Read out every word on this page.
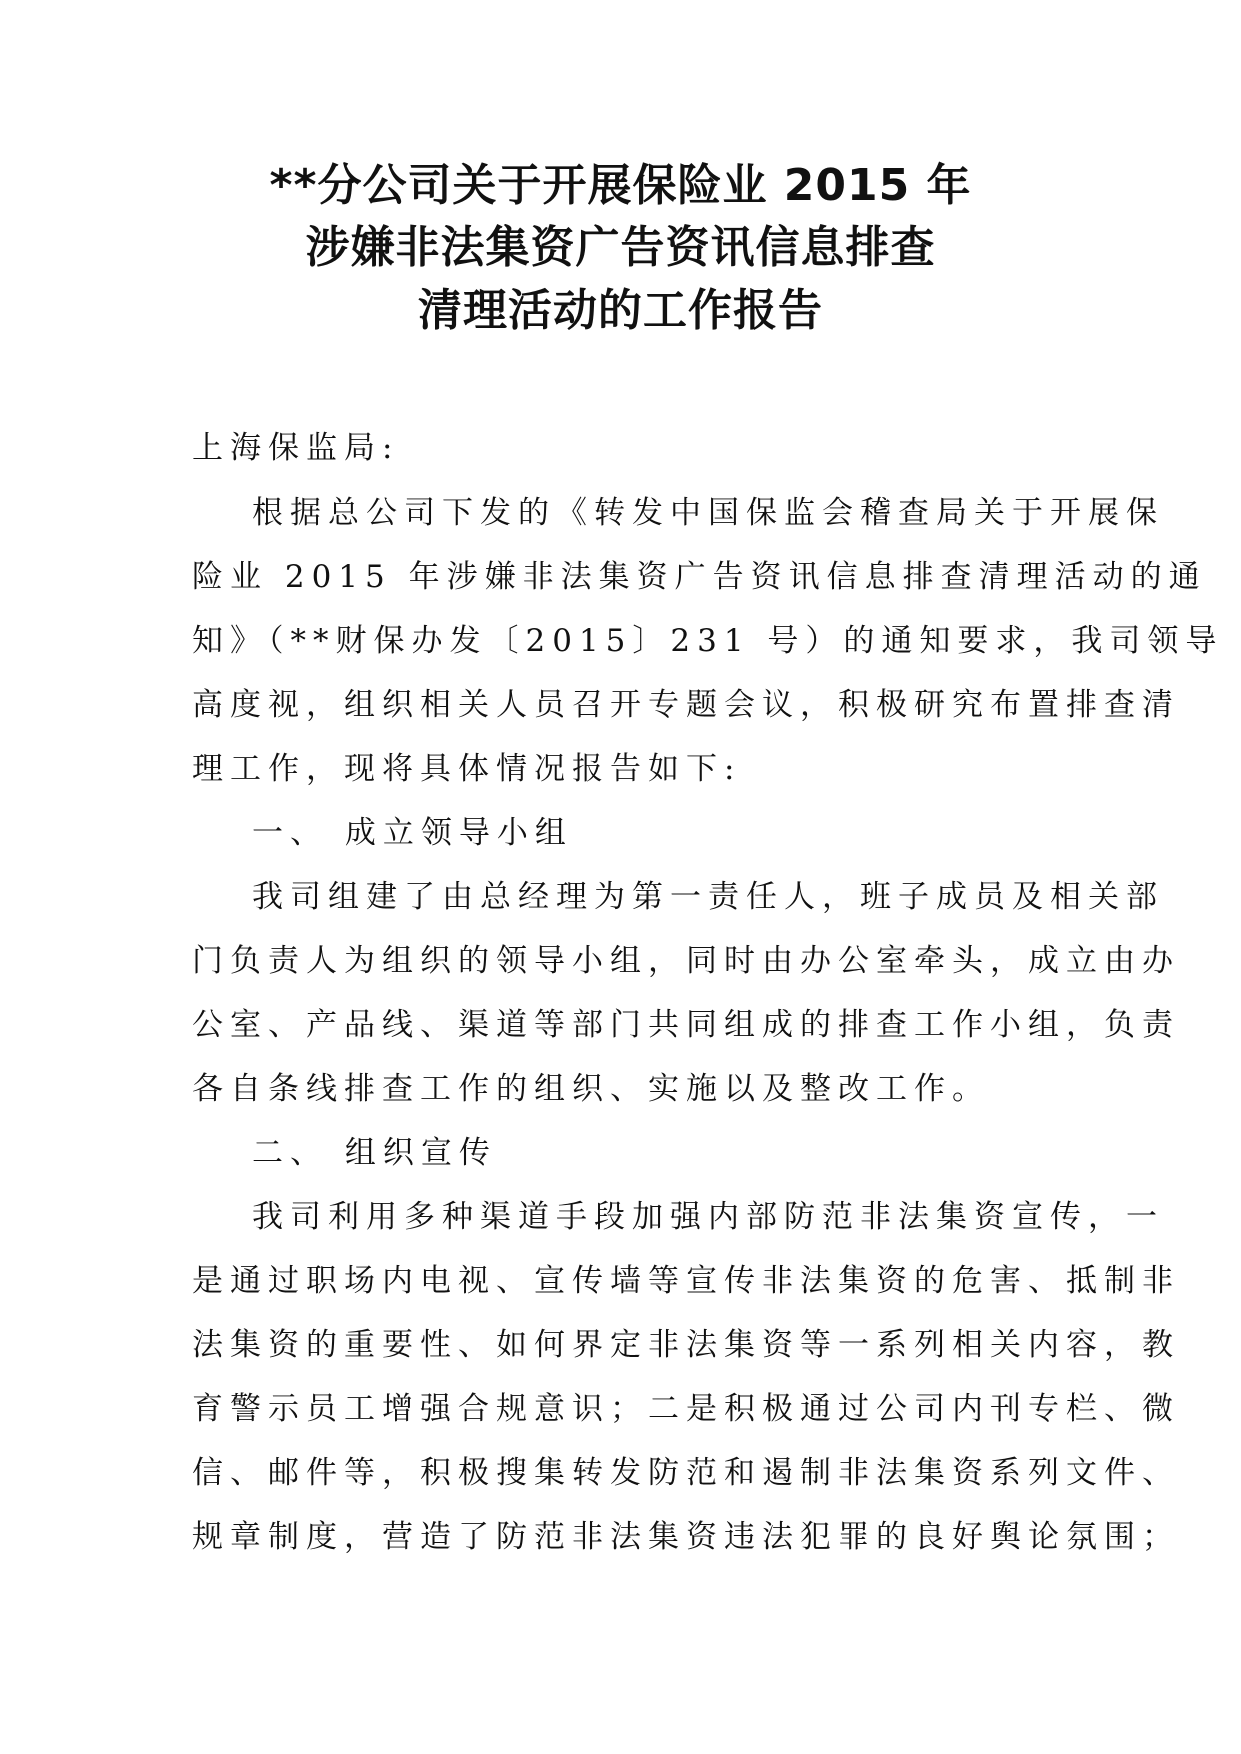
**分公司关于开展保险业 2015 年
涉嫌非法集资广告资讯信息排查
清理活动的工作报告
上海保监局:
根据总公司下发的《转发中国保监会稽查局关于开展保
险业 2015 年涉嫌非法集资广告资讯信息排查清理活动的通
知》（**财保办发〔2015〕231 号）的通知要求，我司领导
高度视，组织相关人员召开专题会议，积极研究布置排查清
理工作，现将具体情况报告如下:
一、 成立领导小组
我司组建了由总经理为第一责任人，班子成员及相关部
门负责人为组织的领导小组，同时由办公室牵头，成立由办
公室、产品线、渠道等部门共同组成的排查工作小组，负责
各自条线排查工作的组织、实施以及整改工作。
二、 组织宣传
我司利用多种渠道手段加强内部防范非法集资宣传，一
是通过职场内电视、宣传墙等宣传非法集资的危害、抵制非
法集资的重要性、如何界定非法集资等一系列相关内容，教
育警示员工增强合规意识；二是积极通过公司内刊专栏、微
信、邮件等，积极搜集转发防范和遏制非法集资系列文件、
规章制度，营造了防范非法集资违法犯罪的良好舆论氛围；
